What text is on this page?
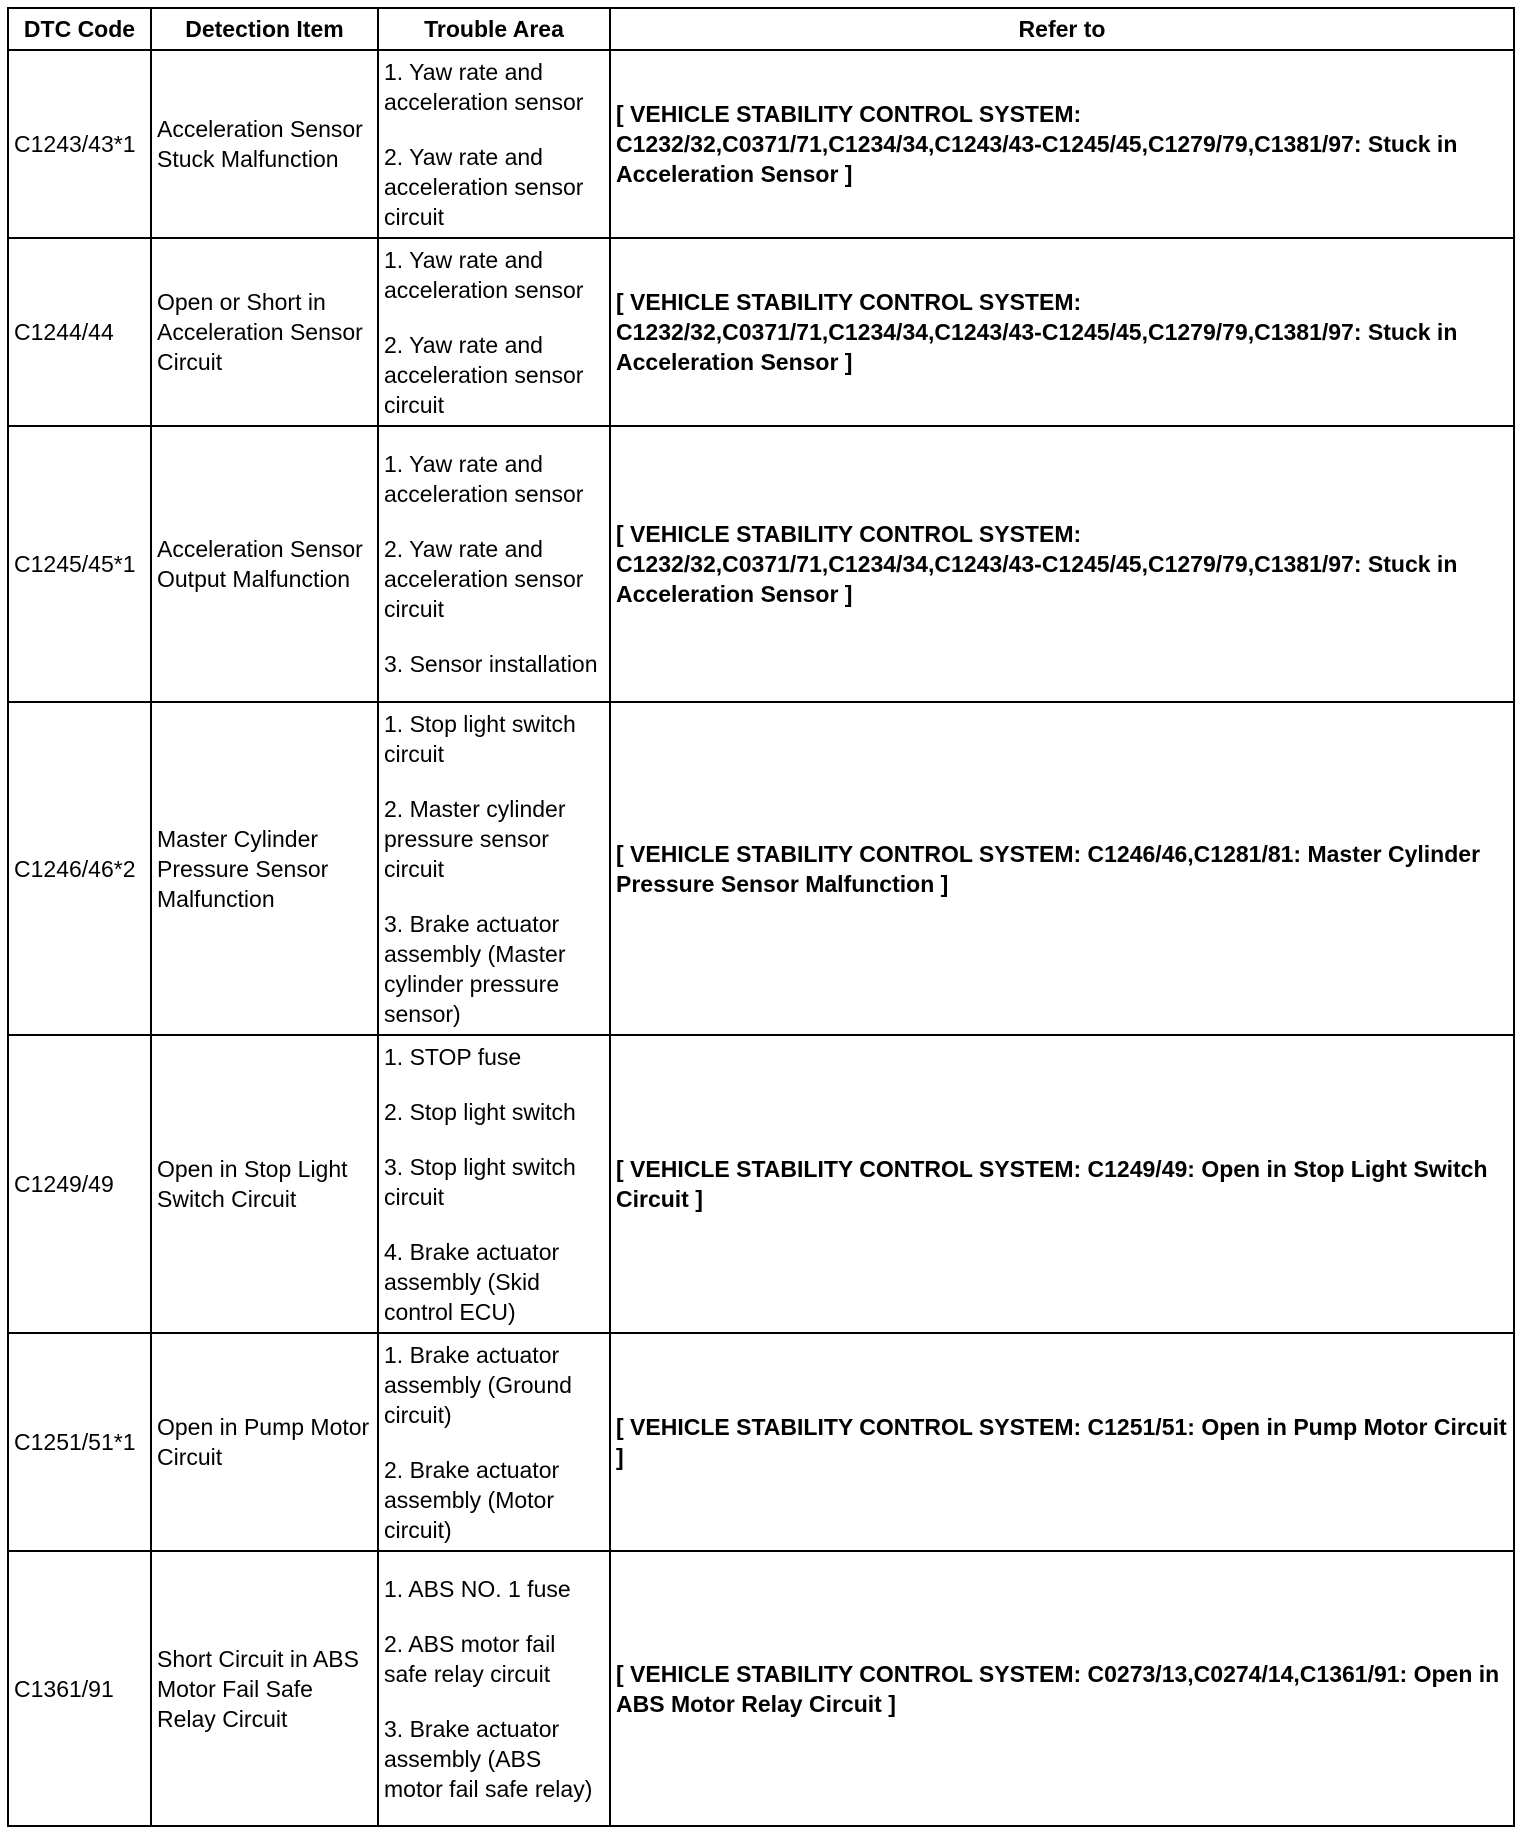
DTC Code	Detection Item	Trouble Area	Refer to
C1243/43*1	Acceleration Sensor Stuck Malfunction	1. Yaw rate and acceleration sensor
2. Yaw rate and acceleration sensor circuit	[ VEHICLE STABILITY CONTROL SYSTEM: C1232/32,C0371/71,C1234/34,C1243/43-C1245/45,C1279/79,C1381/97: Stuck in Acceleration Sensor ]
C1244/44	Open or Short in Acceleration Sensor Circuit	1. Yaw rate and acceleration sensor
2. Yaw rate and acceleration sensor circuit	[ VEHICLE STABILITY CONTROL SYSTEM: C1232/32,C0371/71,C1234/34,C1243/43-C1245/45,C1279/79,C1381/97: Stuck in Acceleration Sensor ]
C1245/45*1	Acceleration Sensor Output Malfunction	1. Yaw rate and acceleration sensor
2. Yaw rate and acceleration sensor circuit
3. Sensor installation	[ VEHICLE STABILITY CONTROL SYSTEM: C1232/32,C0371/71,C1234/34,C1243/43-C1245/45,C1279/79,C1381/97: Stuck in Acceleration Sensor ]
C1246/46*2	Master Cylinder Pressure Sensor Malfunction	1. Stop light switch circuit
2. Master cylinder pressure sensor circuit
3. Brake actuator assembly (Master cylinder pressure sensor)	[ VEHICLE STABILITY CONTROL SYSTEM: C1246/46,C1281/81: Master Cylinder Pressure Sensor Malfunction ]
C1249/49	Open in Stop Light Switch Circuit	1. STOP fuse
2. Stop light switch
3. Stop light switch circuit
4. Brake actuator assembly (Skid control ECU)	[ VEHICLE STABILITY CONTROL SYSTEM: C1249/49: Open in Stop Light Switch Circuit ]
C1251/51*1	Open in Pump Motor Circuit	1. Brake actuator assembly (Ground circuit)
2. Brake actuator assembly (Motor circuit)	[ VEHICLE STABILITY CONTROL SYSTEM: C1251/51: Open in Pump Motor Circuit ]
C1361/91	Short Circuit in ABS Motor Fail Safe Relay Circuit	1. ABS NO. 1 fuse
2. ABS motor fail safe relay circuit
3. Brake actuator assembly (ABS motor fail safe relay)	[ VEHICLE STABILITY CONTROL SYSTEM: C0273/13,C0274/14,C1361/91: Open in ABS Motor Relay Circuit ]
